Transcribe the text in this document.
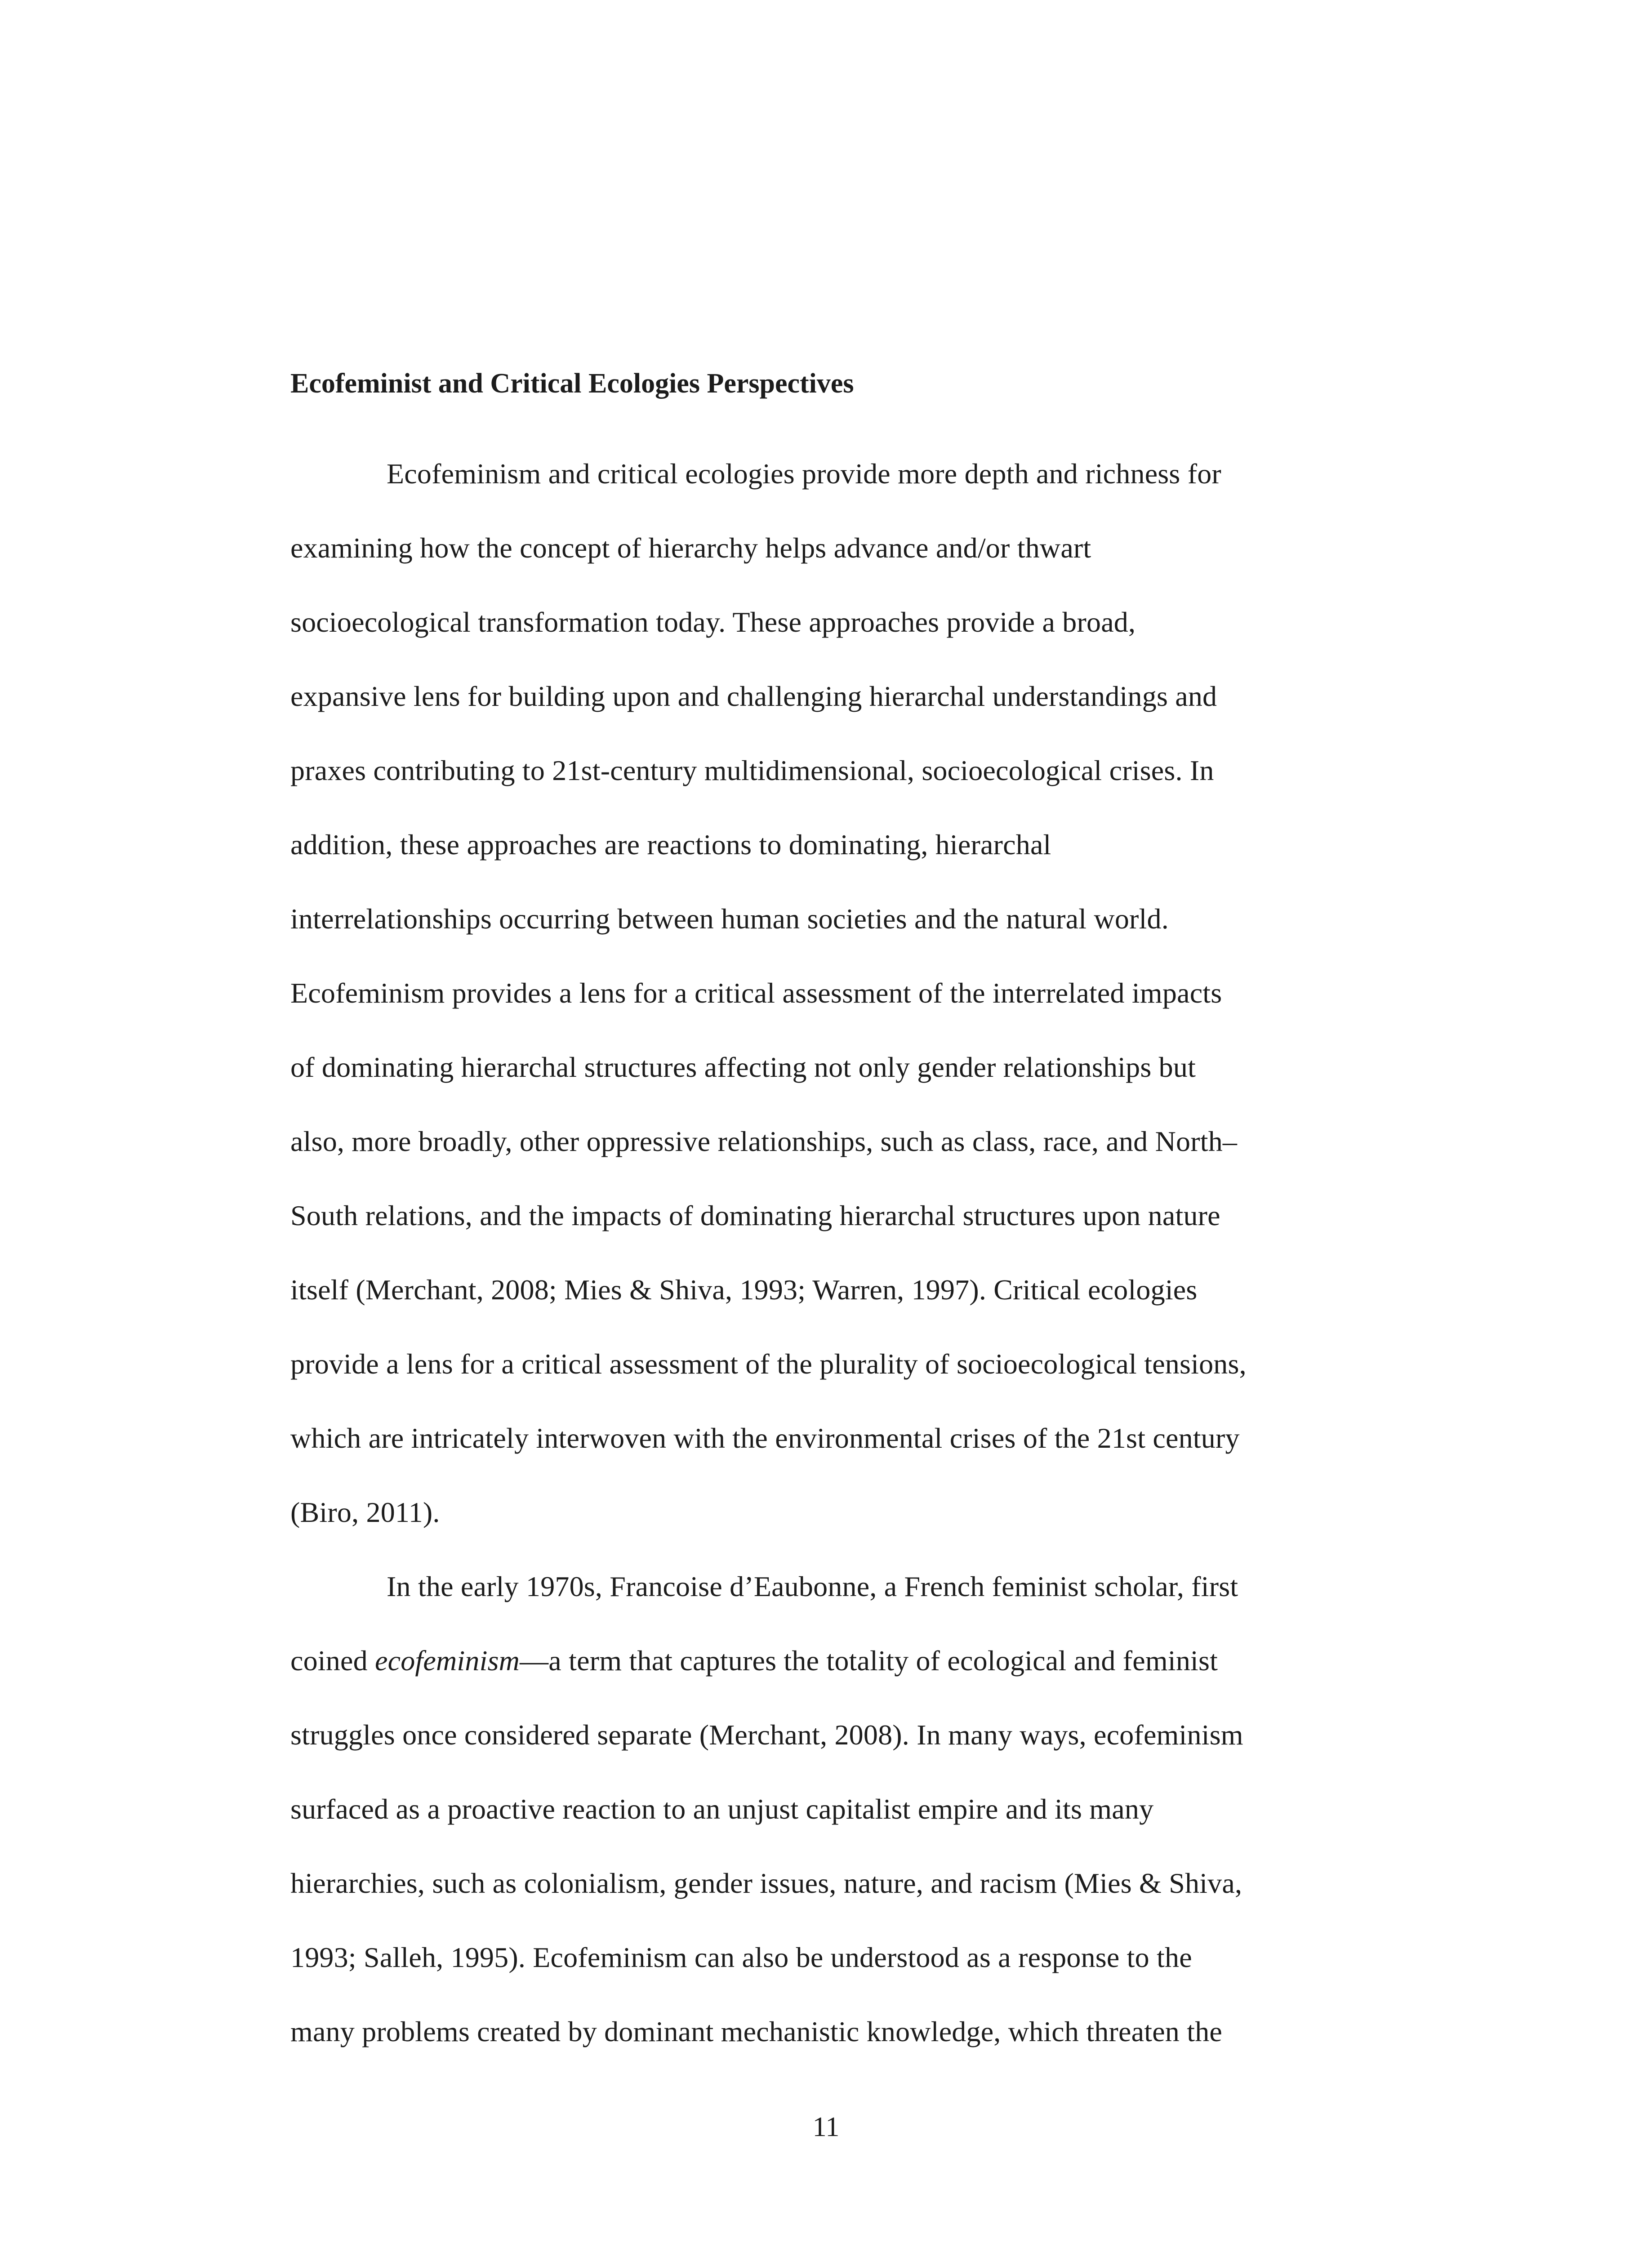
Ecofeminist and Critical Ecologies Perspectives

Ecofeminism and critical ecologies provide more depth and richness for

examining how the concept of hierarchy helps advance and/or thwart

socioecological transformation today. These approaches provide a broad,

expansive lens for building upon and challenging hierarchal understandings and

praxes contributing to 21st-century multidimensional, socioecological crises. In

addition, these approaches are reactions to dominating, hierarchal

interrelationships occurring between human societies and the natural world.

Ecofeminism provides a lens for a critical assessment of the interrelated impacts

of dominating hierarchal structures affecting not only gender relationships but

also, more broadly, other oppressive relationships, such as class, race, and North–

South relations, and the impacts of dominating hierarchal structures upon nature

itself (Merchant, 2008; Mies & Shiva, 1993; Warren, 1997). Critical ecologies

provide a lens for a critical assessment of the plurality of socioecological tensions,

which are intricately interwoven with the environmental crises of the 21st century

(Biro, 2011).

In the early 1970s, Francoise d’Eaubonne, a French feminist scholar, first

coined ecofeminism—a term that captures the totality of ecological and feminist

struggles once considered separate (Merchant, 2008). In many ways, ecofeminism

surfaced as a proactive reaction to an unjust capitalist empire and its many

hierarchies, such as colonialism, gender issues, nature, and racism (Mies & Shiva,

1993; Salleh, 1995). Ecofeminism can also be understood as a response to the

many problems created by dominant mechanistic knowledge, which threaten the

11
